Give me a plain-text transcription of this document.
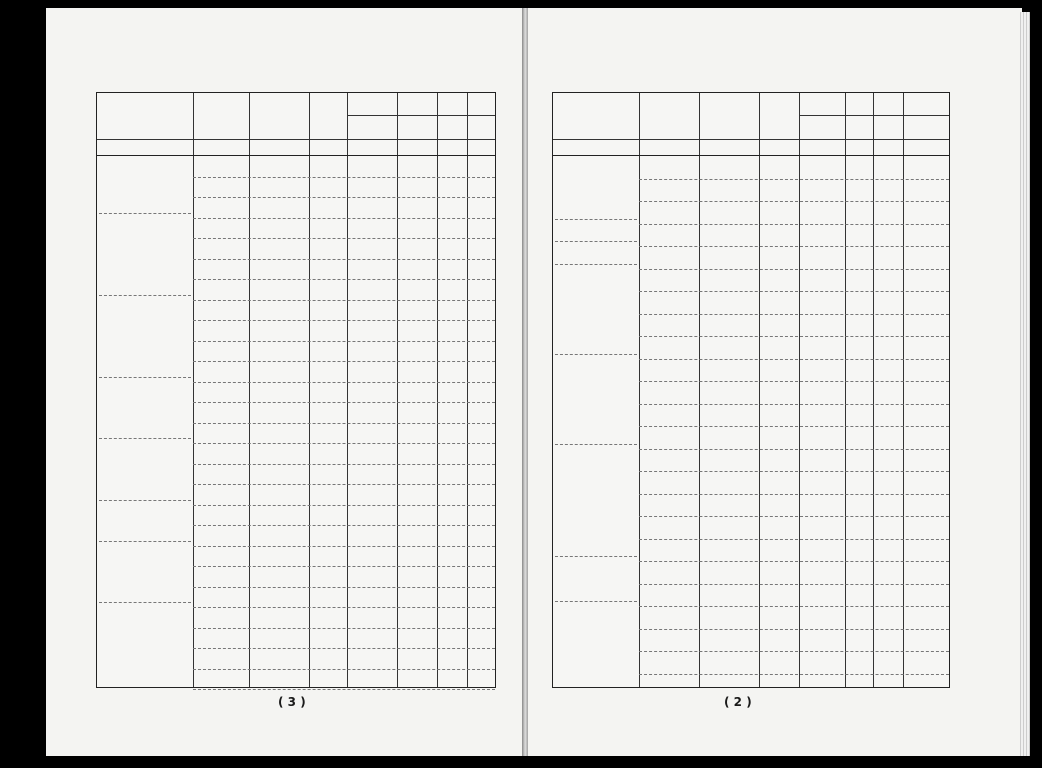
( 3 )	( 2 )
